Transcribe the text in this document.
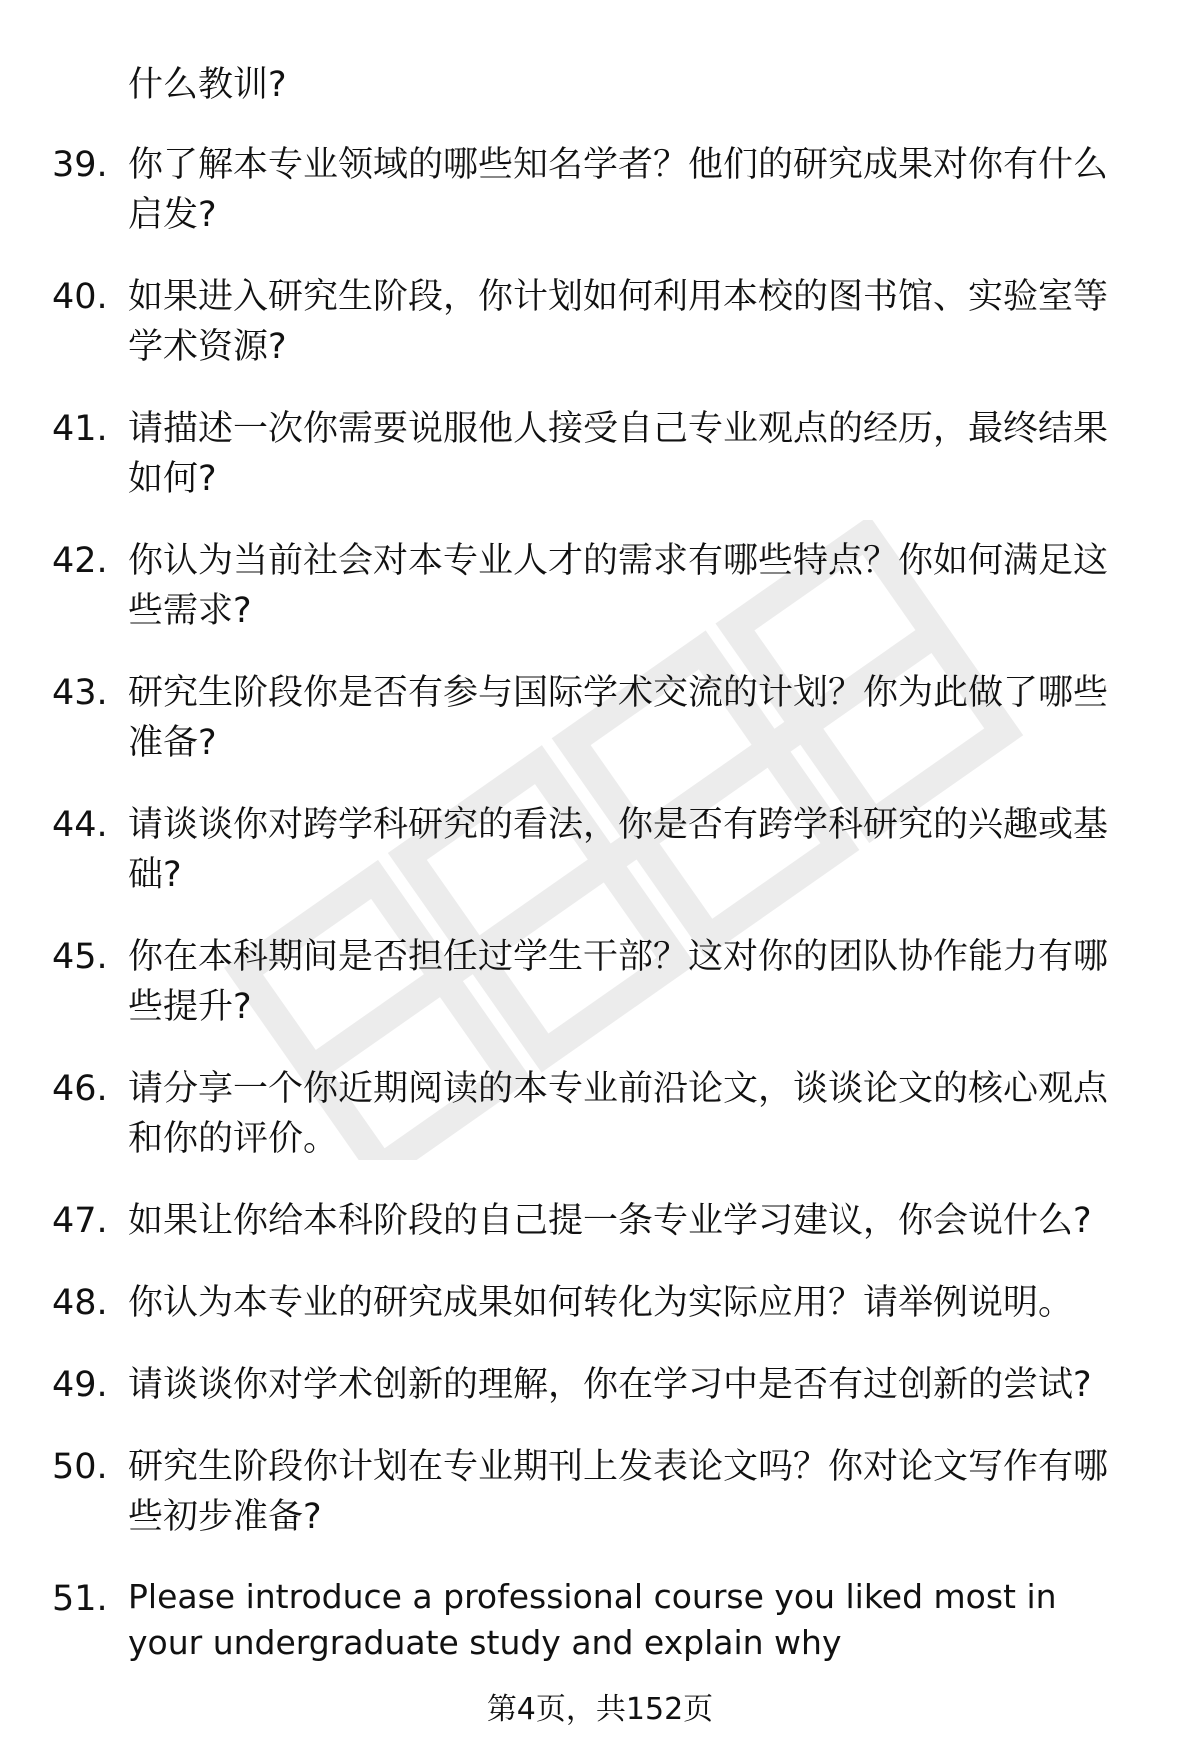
什么教训?

39. 你了解本专业领域的哪些知名学者？他们的研究成果对你有什么启发?
40. 如果进入研究生阶段，你计划如何利用本校的图书馆、实验室等学术资源?
41. 请描述一次你需要说服他人接受自己专业观点的经历，最终结果如何?
42. 你认为当前社会对本专业人才的需求有哪些特点？你如何满足这些需求?
43. 研究生阶段你是否有参与国际学术交流的计划？你为此做了哪些准备?
44. 请谈谈你对跨学科研究的看法，你是否有跨学科研究的兴趣或基础?
45. 你在本科期间是否担任过学生干部？这对你的团队协作能力有哪些提升?
46. 请分享一个你近期阅读的本专业前沿论文，谈谈论文的核心观点和你的评价。
47. 如果让你给本科阶段的自己提一条专业学习建议，你会说什么?
48. 你认为本专业的研究成果如何转化为实际应用？请举例说明。
49. 请谈谈你对学术创新的理解，你在学习中是否有过创新的尝试?
50. 研究生阶段你计划在专业期刊上发表论文吗？你对论文写作有哪些初步准备?
51. Please introduce a professional course you liked most in your undergraduate study and explain why
第4页，共152页
